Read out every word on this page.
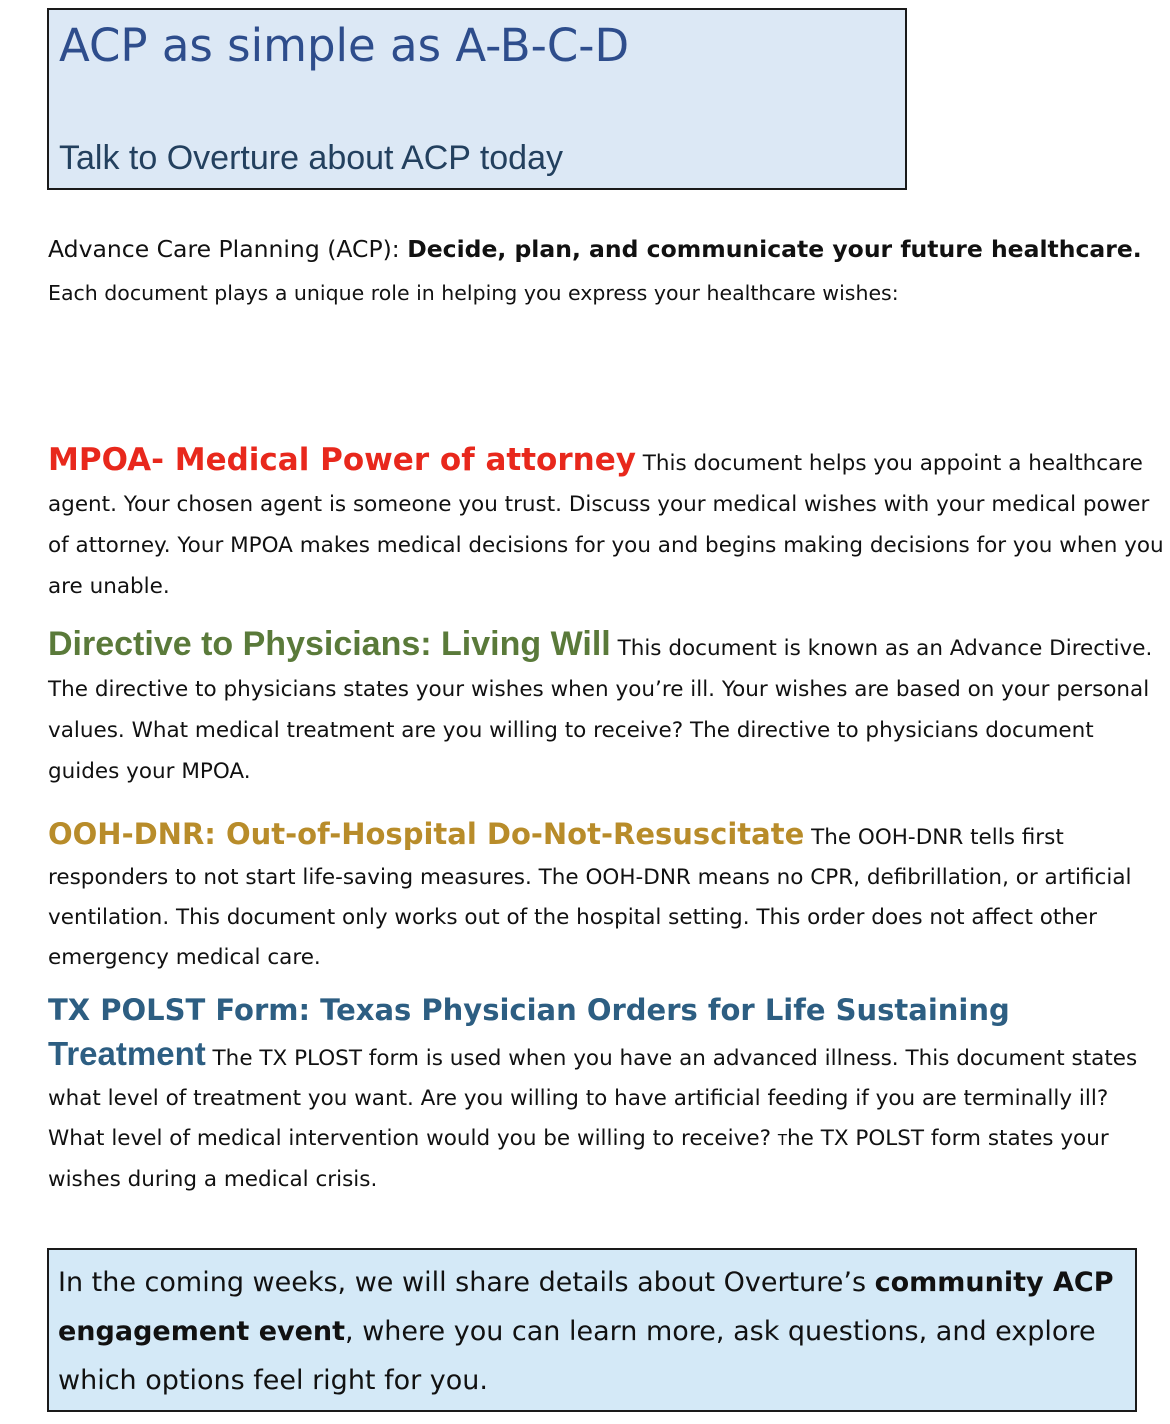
ACP as simple as A-B-C-D

Talk to Overture about ACP today

Advance Care Planning (ACP): Decide, plan, and communicate your future healthcare. Each document plays a unique role in helping you express your healthcare wishes:

MPOA- Medical Power of attorney This document helps you appoint a healthcare agent. Your chosen agent is someone you trust. Discuss your medical wishes with your medical power of attorney. Your MPOA makes medical decisions for you and begins making decisions for you when you are unable.

Directive to Physicians: Living Will This document is known as an Advance Directive. The directive to physicians states your wishes when you’re ill. Your wishes are based on your personal values. What medical treatment are you willing to receive? The directive to physicians document guides your MPOA.

OOH-DNR: Out-of-Hospital Do-Not-Resuscitate The OOH-DNR tells first responders to not start life-saving measures. The OOH-DNR means no CPR, defibrillation, or artificial ventilation. This document only works out of the hospital setting. This order does not affect other emergency medical care.

TX POLST Form: Texas Physician Orders for Life Sustaining
Treatment The TX PLOST form is used when you have an advanced illness. This document states what level of treatment you want. Are you willing to have artificial feeding if you are terminally ill? What level of medical intervention would you be willing to receive? The TX POLST form states your wishes during a medical crisis.

In the coming weeks, we will share details about Overture’s community ACP engagement event, where you can learn more, ask questions, and explore which options feel right for you.
